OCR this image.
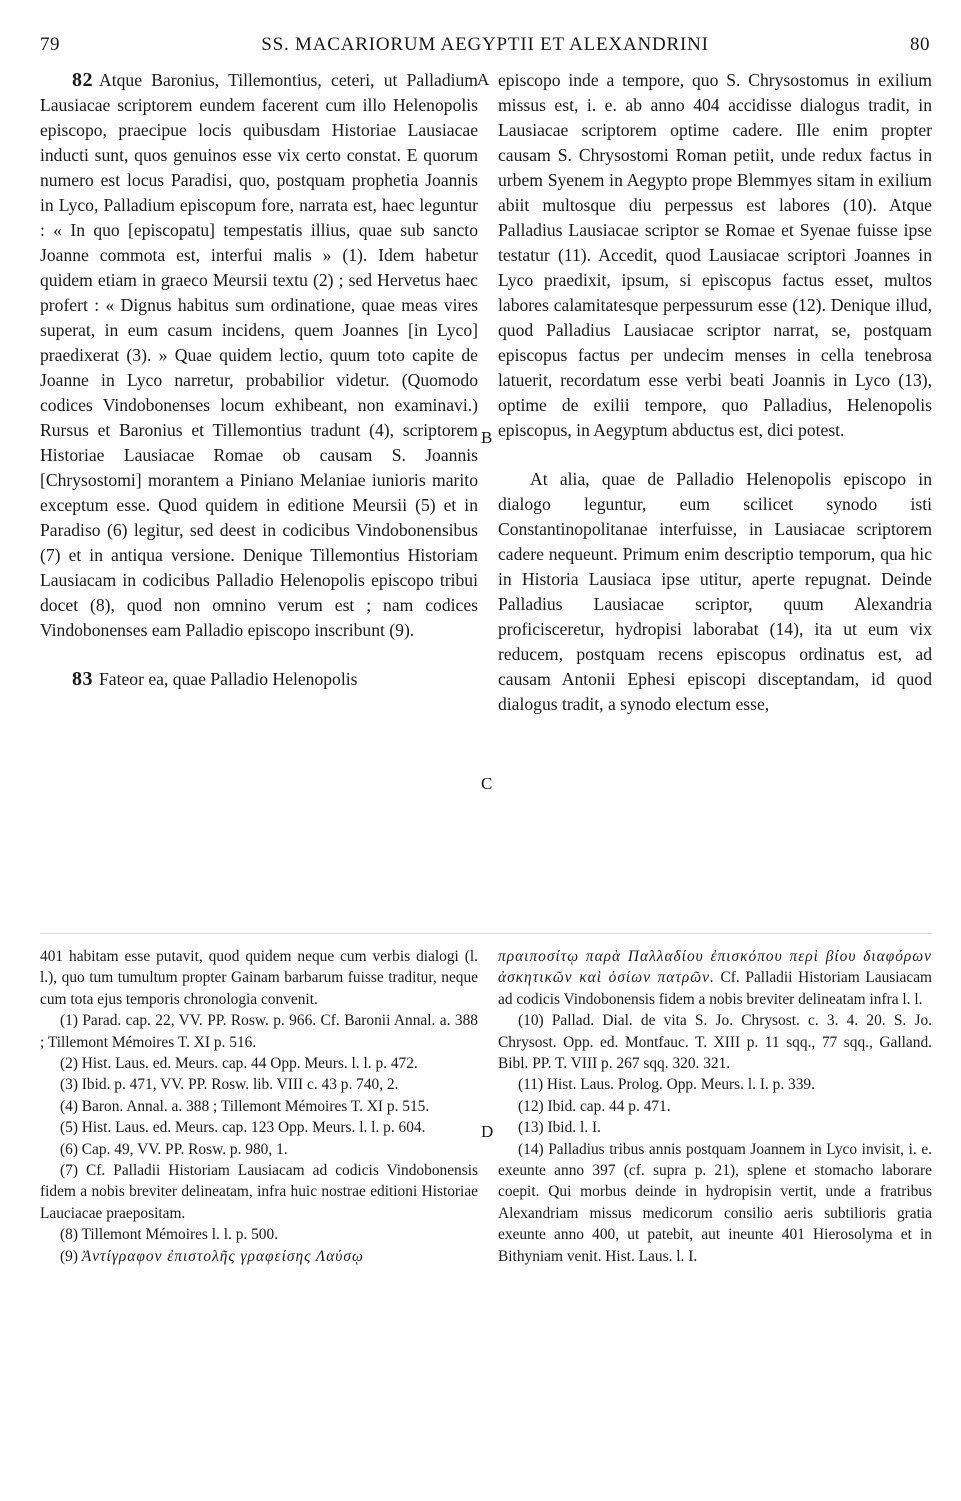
79	SS. MACARIORUM AEGYPTII ET ALEXANDRINI	80
A
B
C
D

82 Atque Baronius, Tillemontius, ceteri, ut Palladium Lausiacae scriptorem eundem facerent cum illo Helenopolis episcopo, praecipue locis quibusdam Historiae Lausiacae inducti sunt, quos genuinos esse vix certo constat. E quorum numero est locus Paradisi, quo, postquam prophetia Joannis in Lyco, Palladium episcopum fore, narrata est, haec leguntur : « In quo [episcopatu] tempestatis illius, quae sub sancto Joanne commota est, interfui malis » (1). Idem habetur quidem etiam in graeco Meursii textu (2) ; sed Hervetus haec profert : « Dignus habitus sum ordinatione, quae meas vires superat, in eum casum incidens, quem Joannes [in Lyco] praedixerat (3). » Quae quidem lectio, quum toto capite de Joanne in Lyco narretur, probabilior videtur. (Quomodo codices Vindobonenses locum exhibeant, non examinavi.) Rursus et Baronius et Tillemontius tradunt (4), scriptorem Historiae Lausiacae Romae ob causam S. Joannis [Chrysostomi] morantem a Piniano Melaniae iunioris marito exceptum esse. Quod quidem in editione Meursii (5) et in Paradiso (6) legitur, sed deest in codicibus Vindobonensibus (7) et in antiqua versione. Denique Tillemontius Historiam Lausiacam in codicibus Palladio Helenopolis episcopo tribui docet (8), quod non omnino verum est ; nam codices Vindobonenses eam Palladio episcopo inscribunt (9).

83 Fateor ea, quae Palladio Helenopolis

episcopo inde a tempore, quo S. Chrysostomus in exilium missus est, i. e. ab anno 404 accidisse dialogus tradit, in Lausiacae scriptorem optime cadere. Ille enim propter causam S. Chrysostomi Roman petiit, unde redux factus in urbem Syenem in Aegypto prope Blemmyes sitam in exilium abiit multosque diu perpessus est labores (10). Atque Palladius Lausiacae scriptor se Romae et Syenae fuisse ipse testatur (11). Accedit, quod Lausiacae scriptori Joannes in Lyco praedixit, ipsum, si episcopus factus esset, multos labores calamitatesque perpessurum esse (12). Denique illud, quod Palladius Lausiacae scriptor narrat, se, postquam episcopus factus per undecim menses in cella tenebrosa latuerit, recordatum esse verbi beati Joannis in Lyco (13), optime de exilii tempore, quo Palladius, Helenopolis episcopus, in Aegyptum abductus est, dici potest.

At alia, quae de Palladio Helenopolis episcopo in dialogo leguntur, eum scilicet synodo isti Constantinopolitanae interfuisse, in Lausiacae scriptorem cadere nequeunt. Primum enim descriptio temporum, qua hic in Historia Lausiaca ipse utitur, aperte repugnat. Deinde Palladius Lausiacae scriptor, quum Alexandria proficisceretur, hydropisi laborabat (14), ita ut eum vix reducem, postquam recens episcopus ordinatus est, ad causam Antonii Ephesi episcopi disceptandam, id quod dialogus tradit, a synodo electum esse,

401 habitam esse putavit, quod quidem neque cum verbis dialogi (l. l.), quo tum tumultum propter Gainam barbarum fuisse traditur, neque cum tota ejus temporis chronologia convenit.

(1) Parad. cap. 22, VV. PP. Rosw. p. 966. Cf. Baronii Annal. a. 388 ; Tillemont Mémoires T. XI p. 516.

(2) Hist. Laus. ed. Meurs. cap. 44 Opp. Meurs. l. l. p. 472.

(3) Ibid. p. 471, VV. PP. Rosw. lib. VIII c. 43 p. 740, 2.

(4) Baron. Annal. a. 388 ; Tillemont Mémoires T. XI p. 515.

(5) Hist. Laus. ed. Meurs. cap. 123 Opp. Meurs. l. l. p. 604.

(6) Cap. 49, VV. PP. Rosw. p. 980, 1.

(7) Cf. Palladii Historiam Lausiacam ad codicis Vindobonensis fidem a nobis breviter delineatam, infra huic nostrae editioni Historiae Lauciacae praepositam.

(8) Tillemont Mémoires l. l. p. 500.

(9) Ἀντίγραφον ἐπιστολῆς γραφείσης Λαύσῳ

πραιποσίτῳ παρὰ Παλλαδίου ἐπισκόπου περὶ βίου διαφόρων ἀσκητικῶν καὶ ὁσίων πατρῶν. Cf. Palladii Historiam Lausiacam ad codicis Vindobonensis fidem a nobis breviter delineatam infra l. l.

(10) Pallad. Dial. de vita S. Jo. Chrysost. c. 3. 4. 20. S. Jo. Chrysost. Opp. ed. Montfauc. T. XIII p. 11 sqq., 77 sqq., Galland. Bibl. PP. T. VIII p. 267 sqq. 320. 321.

(11) Hist. Laus. Prolog. Opp. Meurs. l. I. p. 339.

(12) Ibid. cap. 44 p. 471.

(13) Ibid. l. I.

(14) Palladius tribus annis postquam Joannem in Lyco invisit, i. e. exeunte anno 397 (cf. supra p. 21), splene et stomacho laborare coepit. Qui morbus deinde in hydropisin vertit, unde a fratribus Alexandriam missus medicorum consilio aeris subtilioris gratia exeunte anno 400, ut patebit, aut ineunte 401 Hierosolyma et in Bithyniam venit. Hist. Laus. l. I.
